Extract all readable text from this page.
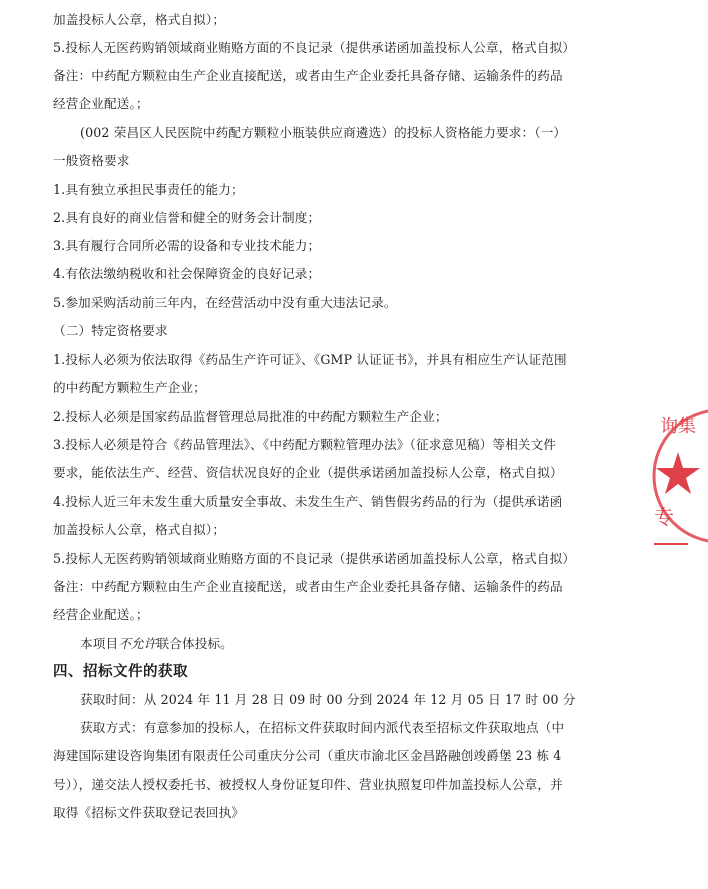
加盖投标人公章，格式自拟）；
5.投标人无医药购销领域商业贿赂方面的不良记录（提供承诺函加盖投标人公章，格式自拟）
备注：中药配方颗粒由生产企业直接配送，或者由生产企业委托具备存储、运输条件的药品
经营企业配送。；
(002 荣昌区人民医院中药配方颗粒小瓶装供应商遴选）的投标人资格能力要求：（一）
一般资格要求
1.具有独立承担民事责任的能力；
2.具有良好的商业信誉和健全的财务会计制度；
3.具有履行合同所必需的设备和专业技术能力；
4.有依法缴纳税收和社会保障资金的良好记录；
5.参加采购活动前三年内，在经营活动中没有重大违法记录。
（二）特定资格要求
1.投标人必须为依法取得《药品生产许可证》、《GMP 认证证书》，并具有相应生产认证范围
的中药配方颗粒生产企业；
2.投标人必须是国家药品监督管理总局批准的中药配方颗粒生产企业；
3.投标人必须是符合《药品管理法》、《中药配方颗粒管理办法》（征求意见稿）等相关文件
要求，能依法生产、经营、资信状况良好的企业（提供承诺函加盖投标人公章，格式自拟）
4.投标人近三年未发生重大质量安全事故、未发生生产、销售假劣药品的行为（提供承诺函
加盖投标人公章，格式自拟）；
5.投标人无医药购销领域商业贿赂方面的不良记录（提供承诺函加盖投标人公章，格式自拟）
备注：中药配方颗粒由生产企业直接配送，或者由生产企业委托具备存储、运输条件的药品
经营企业配送。；
本项目不允许联合体投标。
四、招标文件的获取
获取时间：从 2024 年 11 月 28 日 09 时 00 分到 2024 年 12 月 05 日 17 时 00 分
获取方式：有意参加的投标人，在招标文件获取时间内派代表至招标文件获取地点（中
海建国际建设咨询集团有限责任公司重庆分公司（重庆市渝北区金昌路融创竣爵堡 23 栋 4
号）），递交法人授权委托书、被授权人身份证复印件、营业执照复印件加盖投标人公章，并
取得《招标文件获取登记表回执》
询集
专
